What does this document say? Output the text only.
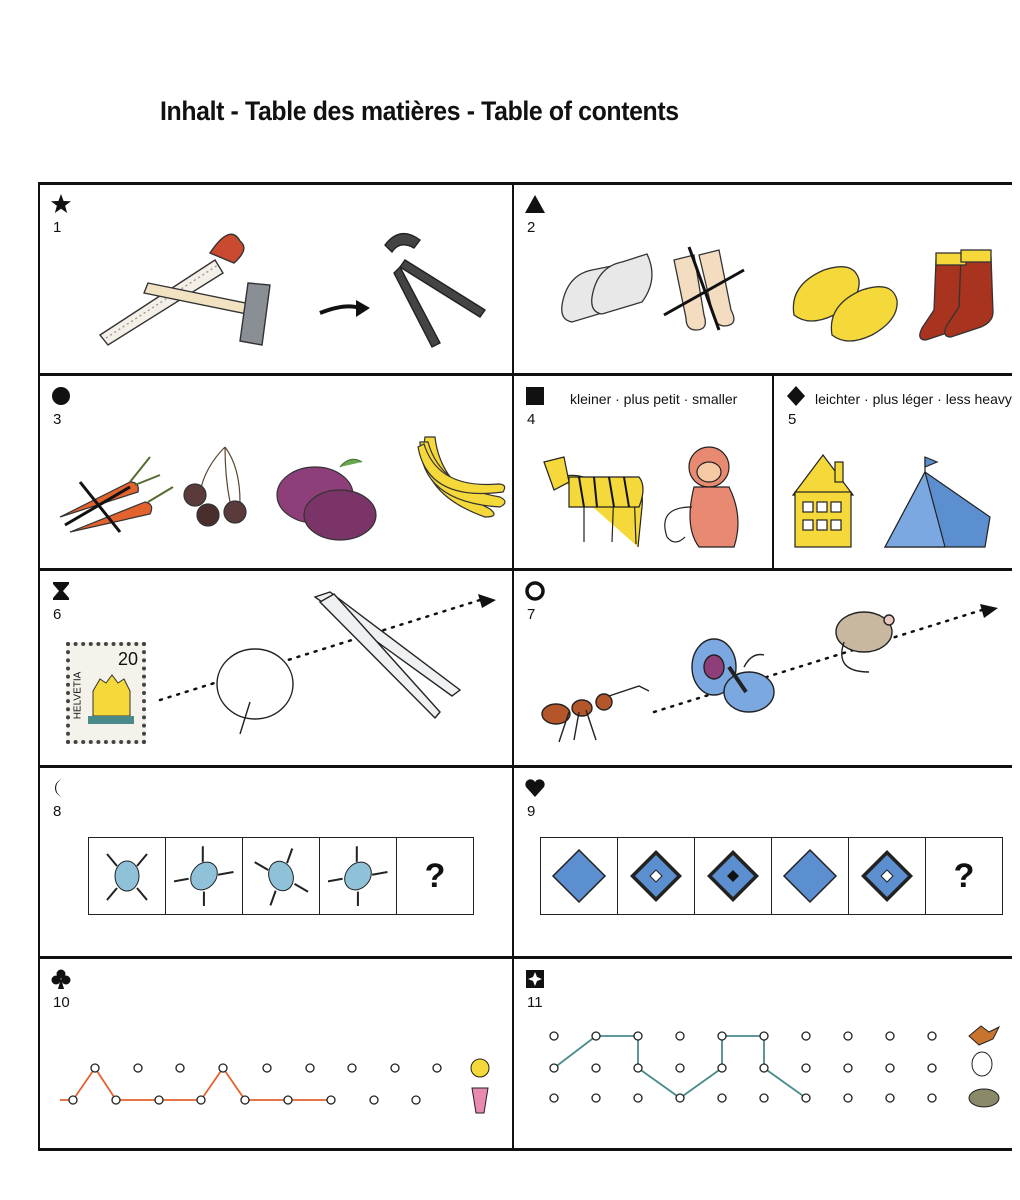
Inhalt - Table des matières - Table of contents
1	2
3	4
kleiner · plus petit · smaller
5
leichter · plus léger · less heavy
6
20
HELVETIA
7
8
?
9
?
10	11
